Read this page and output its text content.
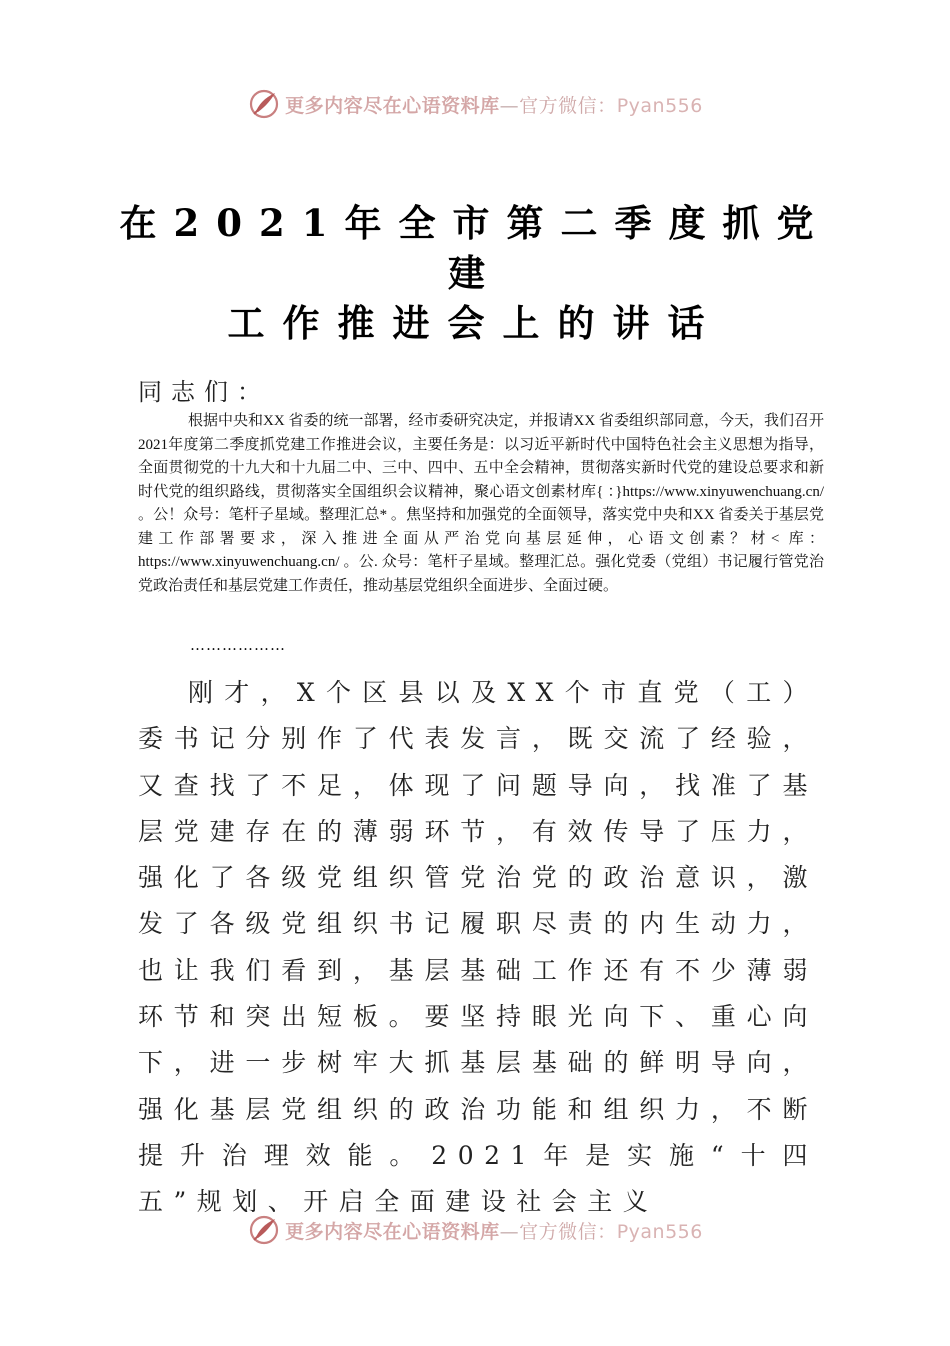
更多内容尽在心语资料库—官方微信：Pyan556
在2021年全市第二季度抓党建
工作推进会上的讲话
同志们：
根据中央和XX 省委的统一部署，经市委研究决定，并报请XX 省委组织部同意，今天，我们召开2021年度第二季度抓党建工作推进会议，主要任务是：以习近平新时代中国特色社会主义思想为指导，全面贯彻党的十九大和十九届二中、三中、四中、五中全会精神，贯彻落实新时代党的建设总要求和新时代党的组织路线，贯彻落实全国组织会议精神，聚心语文创素材库{ ：}https://www.xinyuwenchuang.cn/ 。公！众号：笔杆子星域。整理汇总* 。焦坚持和加强党的全面领导，落实党中央和XX 省委关于基层党建工作部署要求，深入推进全面从严治党向基层延伸，心语文创素？材< 库：https://www.xinyuwenchuang.cn/ 。公. 众号：笔杆子星域。整理汇总。强化党委（党组）书记履行管党治党政治责任和基层党建工作责任，推动基层党组织全面进步、全面过硬。
………………
刚才，X个区县以及XX个市直党（工）委书记分别作了代表发言，既交流了经验，又查找了不足，体现了问题导向，找准了基层党建存在的薄弱环节，有效传导了压力，强化了各级党组织管党治党的政治意识，激发了各级党组织书记履职尽责的内生动力，也让我们看到，基层基础工作还有不少薄弱环节和突出短板。要坚持眼光向下、重心向下，进一步树牢大抓基层基础的鲜明导向，强化基层党组织的政治功能和组织力，不断提升治理效能。2021年是实施“十四五”规划、开启全面建设社会主义
更多内容尽在心语资料库—官方微信：Pyan556
